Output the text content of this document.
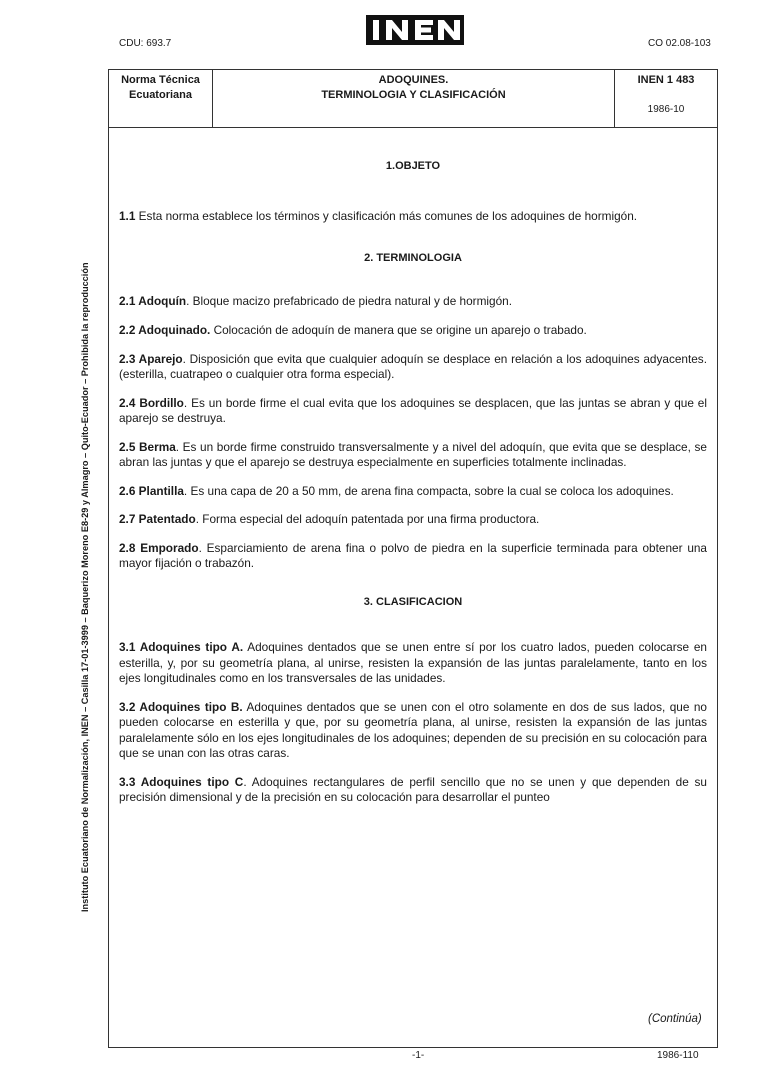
CDU: 693.7	CO 02.08-103
INEN
Norma Técnica
Ecuatoriana
ADOQUINES.
TERMINOLOGIA Y CLASIFICACIÓN
INEN 1 483
1986-10
Instituto Ecuatoriano de Normalización, INEN – Casilla 17-01-3999 – Baquerizo Moreno E8-29 y Almagro – Quito-Ecuador – Prohibida la reproducción

1.OBJETO

1.1 Esta norma establece los términos y clasificación más comunes de los adoquines de hormigón.

2. TERMINOLOGIA

2.1 Adoquín. Bloque macizo prefabricado de piedra natural y de hormigón.

2.2 Adoquinado. Colocación de adoquín de manera que se origine un aparejo o trabado.

2.3 Aparejo. Disposición que evita que cualquier adoquín se desplace en relación a los adoquines adyacentes. (esterilla, cuatrapeo o cualquier otra forma especial).

2.4 Bordillo. Es un borde firme el cual evita que los adoquines se desplacen, que las juntas se abran y que el aparejo se destruya.

2.5 Berma. Es un borde firme construido transversalmente y a nivel del adoquín, que evita que se desplace, se abran las juntas y que el aparejo se destruya especialmente en superficies totalmente inclinadas.

2.6 Plantilla. Es una capa de 20 a 50 mm, de arena fina compacta, sobre la cual se coloca los adoquines.

2.7 Patentado. Forma especial del adoquín patentada por una firma productora.

2.8 Emporado. Esparciamiento de arena fina o polvo de piedra en la superficie terminada para obtener una mayor fijación o trabazón.

3. CLASIFICACION

3.1 Adoquines tipo A. Adoquines dentados que se unen entre sí por los cuatro lados, pueden colocarse en esterilla, y, por su geometría plana, al unirse, resisten la expansión de las juntas paralelamente, tanto en los ejes longitudinales como en los transversales de las unidades.

3.2 Adoquines tipo B. Adoquines dentados que se unen con el otro solamente en dos de sus lados, que no pueden colocarse en esterilla y que, por su geometría plana, al unirse, resisten la expansión de las juntas paralelamente sólo en los ejes longitudinales de los adoquines; dependen de su precisión en su colocación para que se unan con las otras caras.

3.3 Adoquines tipo C. Adoquines rectangulares de perfil sencillo que no se unen y que dependen de su precisión dimensional y de la precisión en su colocación para desarrollar el punteo

(Continúa)
-1-	1986-110
